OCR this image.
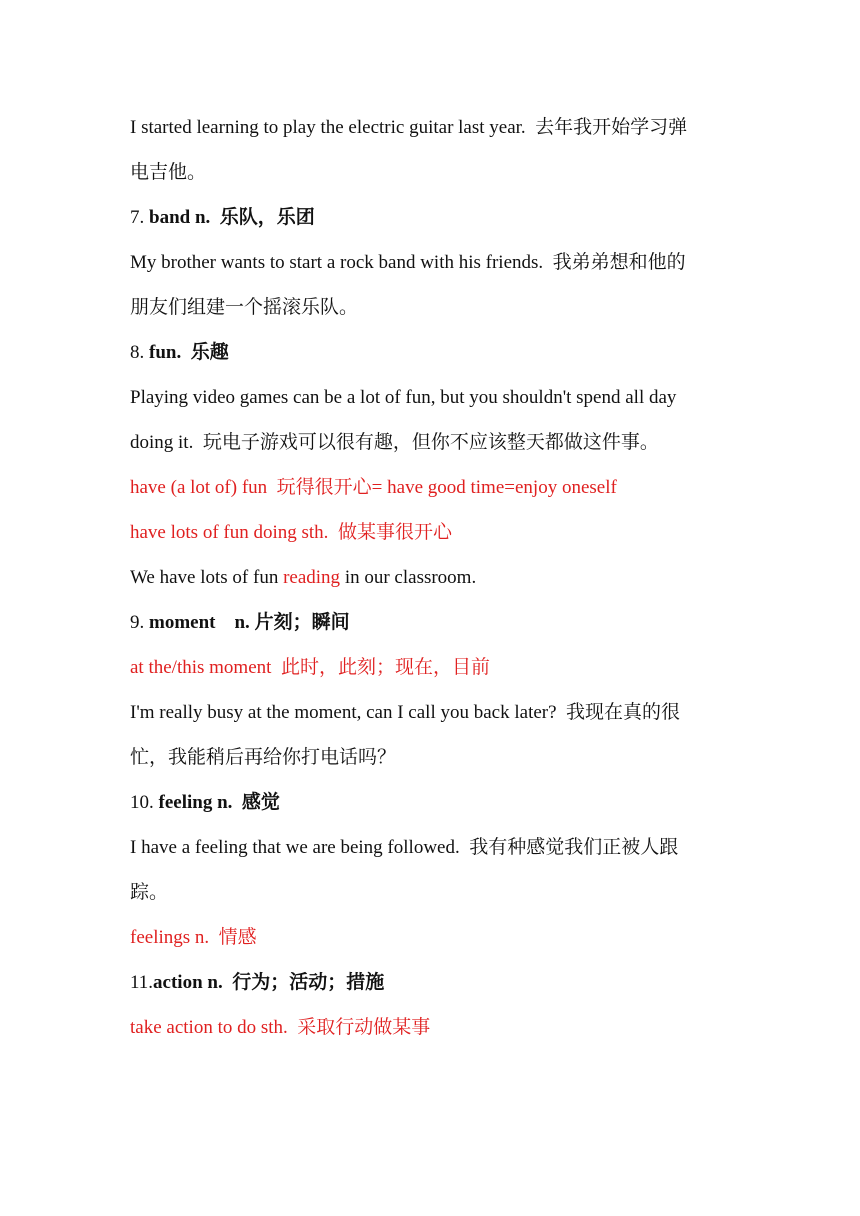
I started learning to play the electric guitar last year. 去年我开始学习弹
电吉他。
7. band n. 乐队，乐团
My brother wants to start a rock band with his friends. 我弟弟想和他的
朋友们组建一个摇滚乐队。
8. fun. 乐趣
Playing video games can be a lot of fun, but you shouldn't spend all day
doing it. 玩电子游戏可以很有趣，但你不应该整天都做这件事。
have (a lot of) fun 玩得很开心= have good time=enjoy oneself
have lots of fun doing sth. 做某事很开心
We have lots of fun reading in our classroom.
9. moment n. 片刻；瞬间
at the/this moment 此时，此刻；现在，目前
I'm really busy at the moment, can I call you back later? 我现在真的很
忙，我能稍后再给你打电话吗？
10. feeling n. 感觉
I have a feeling that we are being followed. 我有种感觉我们正被人跟
踪。
feelings n. 情感
11.action n. 行为；活动；措施
take action to do sth. 采取行动做某事
